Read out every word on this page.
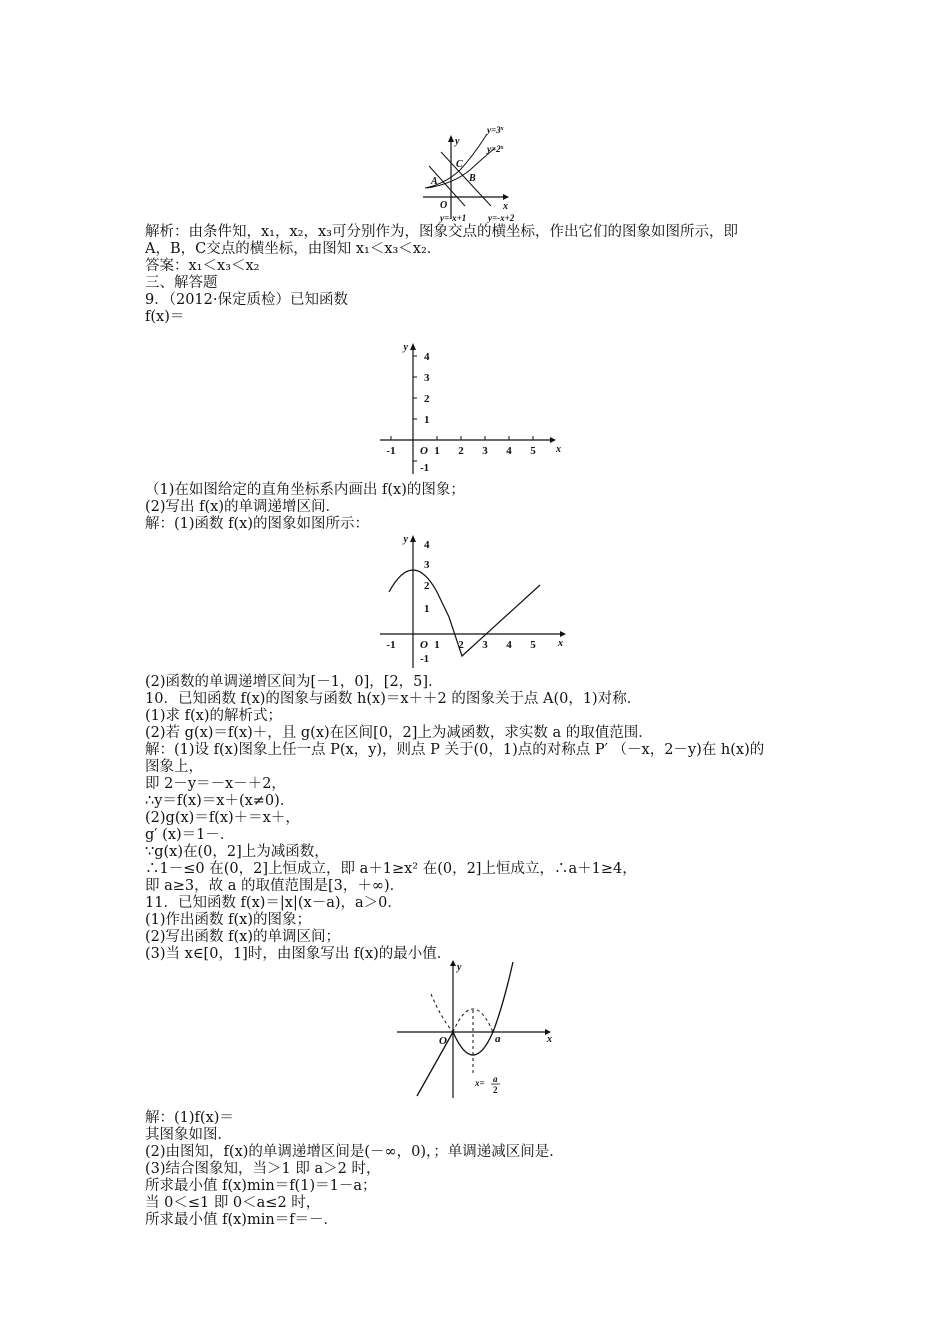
y
x
O
$y=3^x$
$y=2^x$
A
C
B
y=-x+1 y=-x+2
解析：由条件知，x₁，x₂，x₃可分别作为，图象交点的横坐标，作出它们的图象如图所示，即
A，B，C交点的横坐标，由图知 x₁＜x₃＜x₂．
答案：x₁＜x₃＜x₂
三、解答题
9．（2012·保定质检）已知函数
f(x)＝
y
x
O
-1	1 2 3 4 5
4
3
2
1
-1
（1)在如图给定的直角坐标系内画出 f(x)的图象；
(2)写出 f(x)的单调递增区间．
解：(1)函数 f(x)的图象如图所示：
y
x
O
-1	1 2 3 4 5
4
3
2
1
-1
(2)函数的单调递增区间为[－1，0]，[2，5]．
10．已知函数 f(x)的图象与函数 h(x)＝x＋＋2 的图象关于点 A(0，1)对称．
(1)求 f(x)的解析式；
(2)若 g(x)＝f(x)＋，且 g(x)在区间[0，2]上为减函数，求实数 a 的取值范围．
解：(1)设 f(x)图象上任一点 P(x，y)，则点 P 关于(0，1)点的对称点 P′ （－x，2－y)在 h(x)的
图象上，
即 2－y＝－x－＋2，
∴y＝f(x)＝x＋(x≠0)．
(2)g(x)＝f(x)＋＝x＋，
g′ (x)＝1－．
∵g(x)在(0，2]上为减函数，
∴1－≤0 在(0，2]上恒成立，即 a＋1≥x² 在(0，2]上恒成立，∴a＋1≥4，
即 a≥3，故 a 的取值范围是[3，＋∞)．
11．已知函数 f(x)＝|x|(x－a)，a＞0．
(1)作出函数 f(x)的图象；
(2)写出函数 f(x)的单调区间；
(3)当 x∈[0，1]时，由图象写出 f(x)的最小值．
y
x
O	a
x= a
2
解：(1)f(x)＝
其图象如图．
(2)由图知，f(x)的单调递增区间是(－∞，0)，；单调递减区间是．
(3)结合图象知，当＞1 即 a＞2 时，
所求最小值 f(x)min＝f(1)＝1－a；
当 0＜≤1 即 0＜a≤2 时，
所求最小值 f(x)min＝f＝－．
